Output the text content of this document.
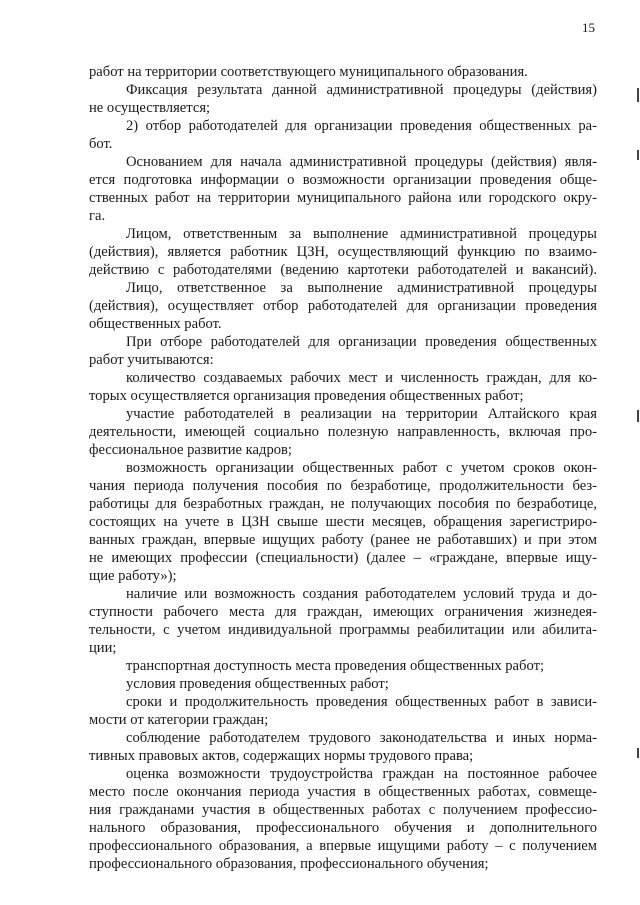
15
работ на территории соответствующего муниципального образования.
Фиксация результата данной административной процедуры (действия)
не осуществляется;
2) отбор работодателей для организации проведения общественных ра-
бот.
Основанием для начала административной процедуры (действия) явля-
ется подготовка информации о возможности организации проведения обще-
ственных работ на территории муниципального района или городского окру-
га.
Лицом, ответственным за выполнение административной процедуры
(действия), является работник ЦЗН, осуществляющий функцию по взаимо-
действию с работодателями (ведению картотеки работодателей и вакансий).
Лицо, ответственное за выполнение административной процедуры
(действия), осуществляет отбор работодателей для организации проведения
общественных работ.
При отборе работодателей для организации проведения общественных
работ учитываются:
количество создаваемых рабочих мест и численность граждан, для ко-
торых осуществляется организация проведения общественных работ;
участие работодателей в реализации на территории Алтайского края
деятельности, имеющей социально полезную направленность, включая про-
фессиональное развитие кадров;
возможность организации общественных работ с учетом сроков окон-
чания периода получения пособия по безработице, продолжительности без-
работицы для безработных граждан, не получающих пособия по безработице,
состоящих на учете в ЦЗН свыше шести месяцев, обращения зарегистриро-
ванных граждан, впервые ищущих работу (ранее не работавших) и при этом
не имеющих профессии (специальности) (далее – «граждане, впервые ищу-
щие работу»);
наличие или возможность создания работодателем условий труда и до-
ступности рабочего места для граждан, имеющих ограничения жизнедея-
тельности, с учетом индивидуальной программы реабилитации или абилита-
ции;
транспортная доступность места проведения общественных работ;
условия проведения общественных работ;
сроки и продолжительность проведения общественных работ в зависи-
мости от категории граждан;
соблюдение работодателем трудового законодательства и иных норма-
тивных правовых актов, содержащих нормы трудового права;
оценка возможности трудоустройства граждан на постоянное рабочее
место после окончания периода участия в общественных работах, совмеще-
ния гражданами участия в общественных работах с получением професcио-
нального образования, профессионального обучения и дополнительного
профессионального образования, а впервые ищущими работу – с получением
профессионального образования, профессионального обучения;
